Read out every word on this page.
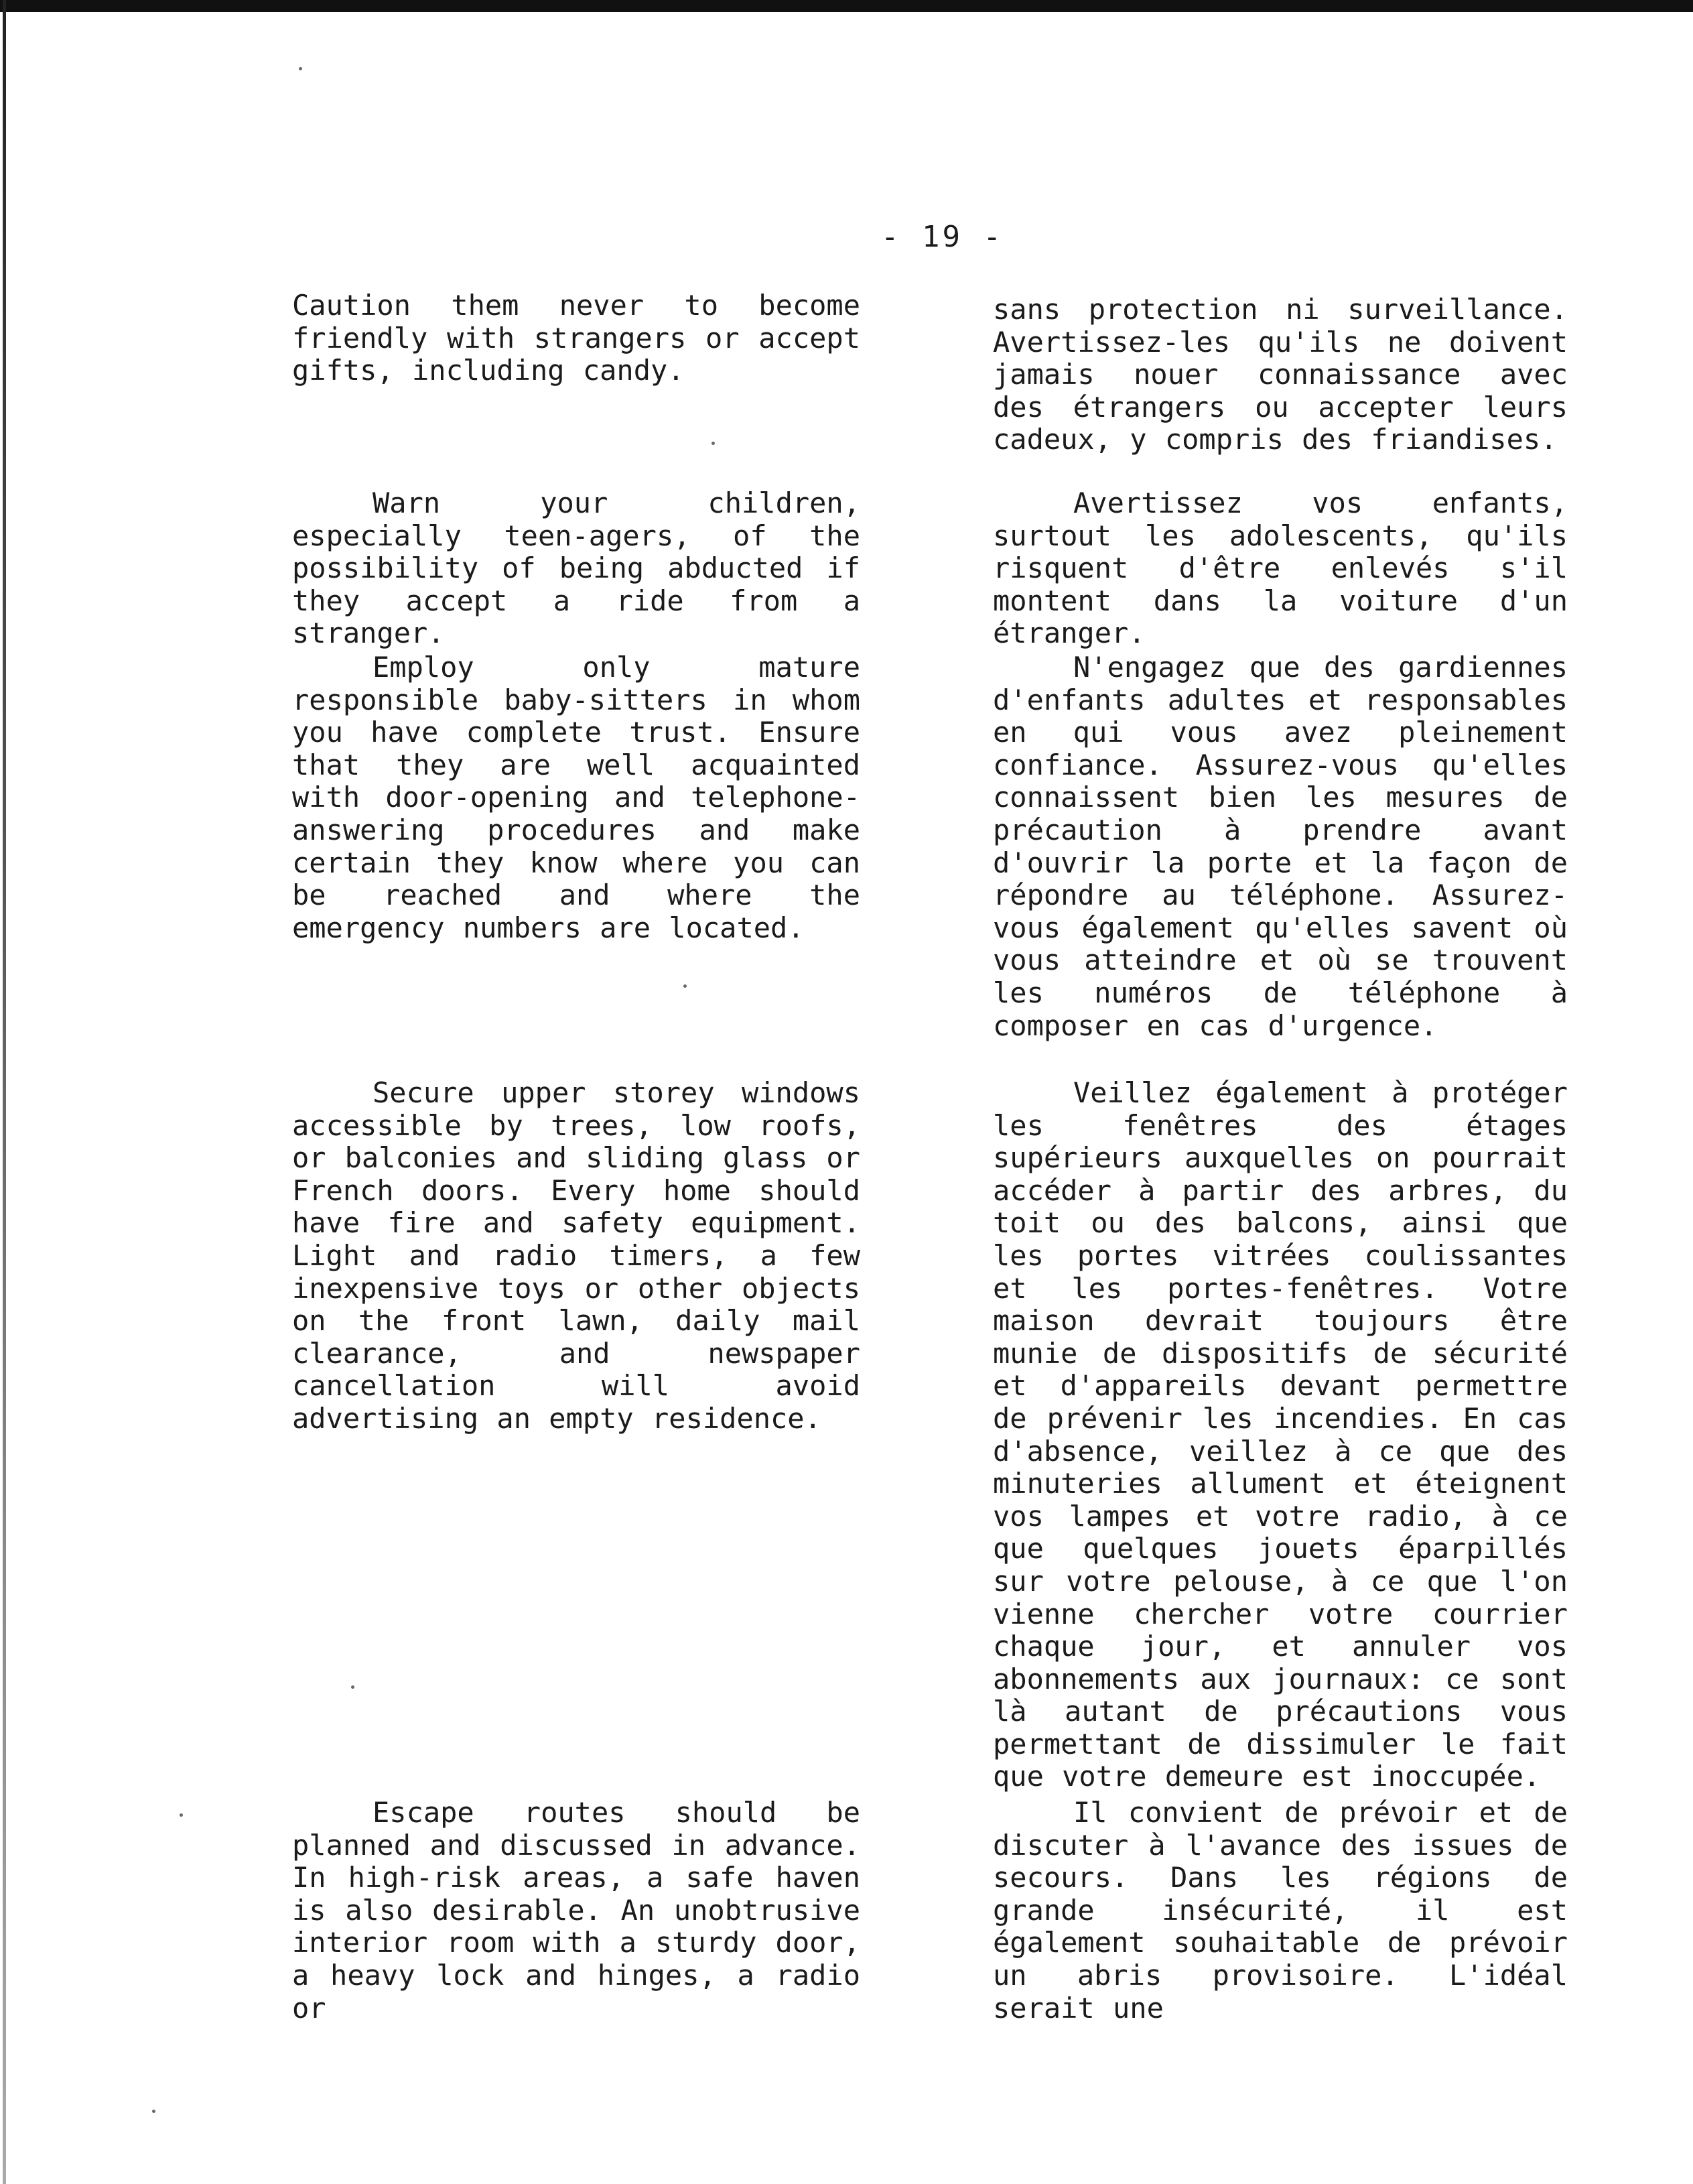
- 19 -

Caution them never to become friendly with strangers or accept gifts, including candy.

Warn your children, especially teen-agers, of the possibility of being abducted if they accept a ride from a stranger.

Employ only mature responsible baby-sitters in whom you have complete trust. Ensure that they are well acquainted with door-opening and telephone-answering procedures and make certain they know where you can be reached and where the emergency numbers are located.

Secure upper storey windows accessible by trees, low roofs, or balconies and sliding glass or French doors. Every home should have fire and safety equipment. Light and radio timers, a few inexpensive toys or other objects on the front lawn, daily mail clearance, and newspaper cancellation will avoid advertising an empty residence.

Escape routes should be planned and discussed in advance. In high-risk areas, a safe haven is also desirable. An unobtrusive interior room with a sturdy door, a heavy lock and hinges, a radio or

sans protection ni surveillance. Avertissez-les qu'ils ne doivent jamais nouer connaissance avec des étrangers ou accepter leurs cadeux, y compris des friandises.

Avertissez vos enfants, surtout les adolescents, qu'ils risquent d'être enlevés s'il montent dans la voiture d'un étranger.

N'engagez que des gardiennes d'enfants adultes et responsables en qui vous avez pleinement confiance. Assurez-vous qu'elles connaissent bien les mesures de précaution à prendre avant d'ouvrir la porte et la façon de répondre au téléphone. Assurez-vous également qu'elles savent où vous atteindre et où se trouvent les numéros de téléphone à composer en cas d'urgence.

Veillez également à protéger les fenêtres des étages supérieurs auxquelles on pourrait accéder à partir des arbres, du toit ou des balcons, ainsi que les portes vitrées coulissantes et les portes-fenêtres. Votre maison devrait toujours être munie de dispositifs de sécurité et d'appareils devant permettre de prévenir les incendies. En cas d'absence, veillez à ce que des minuteries allument et éteignent vos lampes et votre radio, à ce que quelques jouets éparpillés sur votre pelouse, à ce que l'on vienne chercher votre courrier chaque jour, et annuler vos abonnements aux journaux: ce sont là autant de précautions vous permettant de dissimuler le fait que votre demeure est inoccupée.

Il convient de prévoir et de discuter à l'avance des issues de secours. Dans les régions de grande insécurité, il est également souhaitable de prévoir un abris provisoire. L'idéal serait une
